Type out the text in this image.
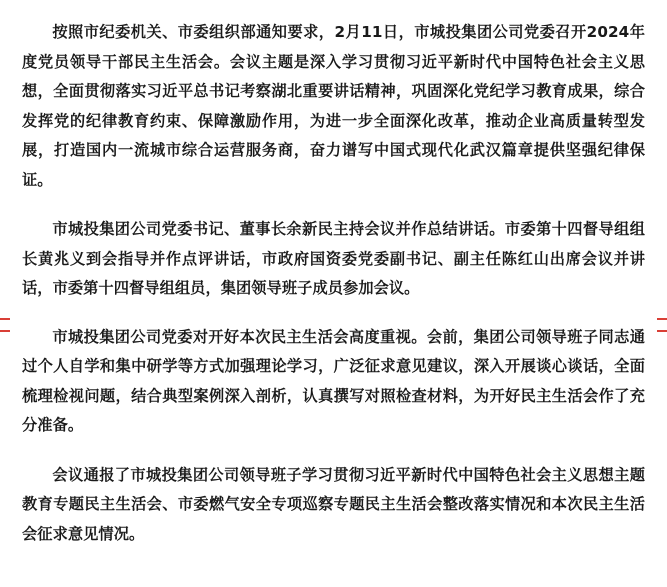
按照市纪委机关、市委组织部通知要求，2月11日，市城投集团公司党委召开2024年度党员领导干部民主生活会。会议主题是深入学习贯彻习近平新时代中国特色社会主义思想，全面贯彻落实习近平总书记考察湖北重要讲话精神，巩固深化党纪学习教育成果，综合发挥党的纪律教育约束、保障激励作用，为进一步全面深化改革，推动企业高质量转型发展，打造国内一流城市综合运营服务商，奋力谱写中国式现代化武汉篇章提供坚强纪律保证。

市城投集团公司党委书记、董事长余新民主持会议并作总结讲话。市委第十四督导组组长黄兆义到会指导并作点评讲话，市政府国资委党委副书记、副主任陈红山出席会议并讲话，市委第十四督导组组员，集团领导班子成员参加会议。

市城投集团公司党委对开好本次民主生活会高度重视。会前，集团公司领导班子同志通过个人自学和集中研学等方式加强理论学习，广泛征求意见建议，深入开展谈心谈话，全面梳理检视问题，结合典型案例深入剖析，认真撰写对照检查材料，为开好民主生活会作了充分准备。

会议通报了市城投集团公司领导班子学习贯彻习近平新时代中国特色社会主义思想主题教育专题民主生活会、市委燃气安全专项巡察专题民主生活会整改落实情况和本次民主生活会征求意见情况。
